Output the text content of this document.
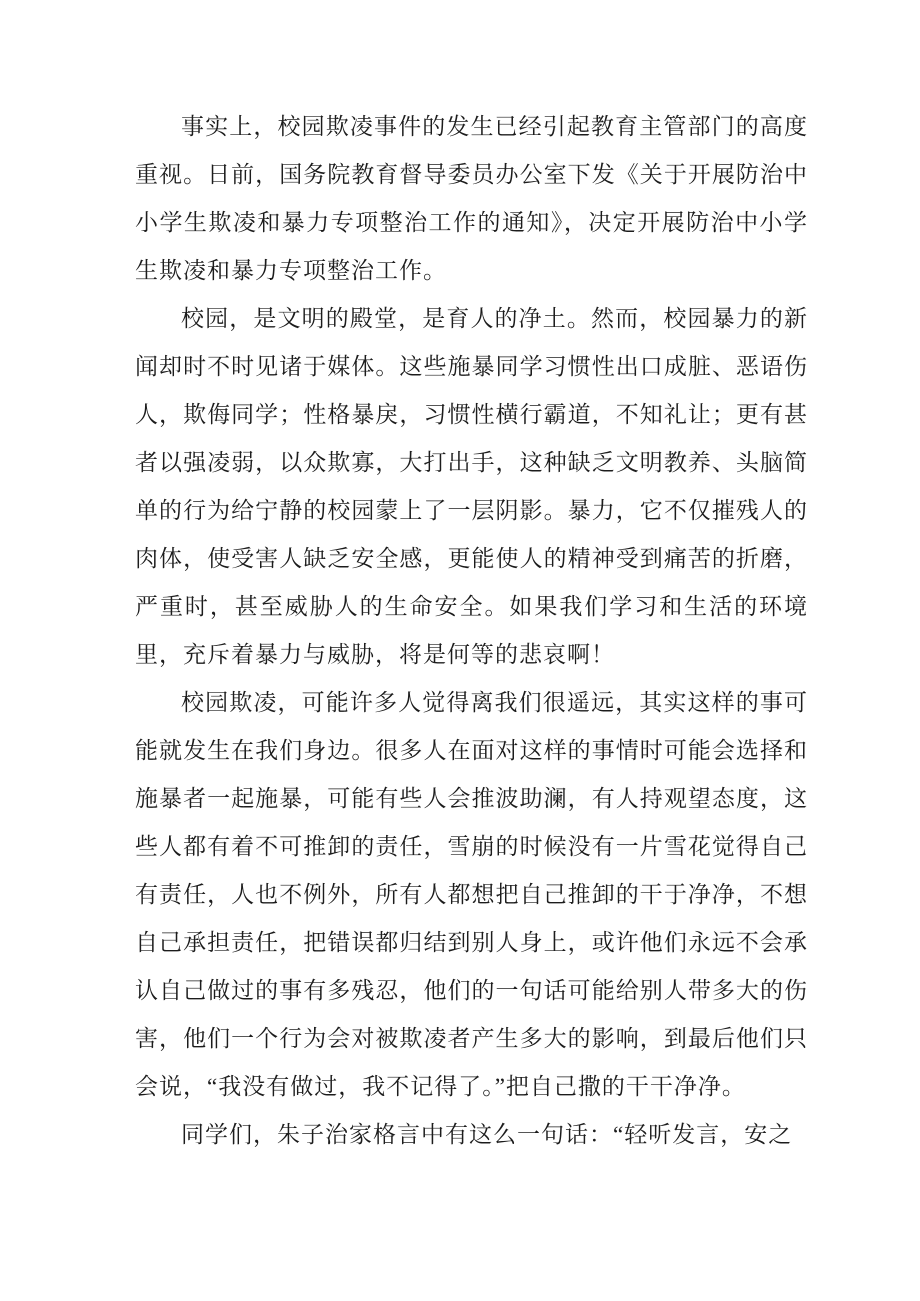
事实上，校园欺凌事件的发生已经引起教育主管部门的高度重视。日前，国务院教育督导委员办公室下发《关于开展防治中小学生欺凌和暴力专项整治工作的通知》，决定开展防治中小学生欺凌和暴力专项整治工作。

校园，是文明的殿堂，是育人的净土。然而，校园暴力的新闻却时不时见诸于媒体。这些施暴同学习惯性出口成脏、恶语伤人，欺侮同学；性格暴戾，习惯性横行霸道，不知礼让；更有甚者以强凌弱，以众欺寡，大打出手，这种缺乏文明教养、头脑简单的行为给宁静的校园蒙上了一层阴影。暴力，它不仅摧残人的肉体，使受害人缺乏安全感，更能使人的精神受到痛苦的折磨，严重时，甚至威胁人的生命安全。如果我们学习和生活的环境里，充斥着暴力与威胁，将是何等的悲哀啊！

校园欺凌，可能许多人觉得离我们很遥远，其实这样的事可能就发生在我们身边。很多人在面对这样的事情时可能会选择和施暴者一起施暴，可能有些人会推波助澜，有人持观望态度，这些人都有着不可推卸的责任，雪崩的时候没有一片雪花觉得自己有责任，人也不例外，所有人都想把自己推卸的干于净净，不想自己承担责任，把错误都归结到别人身上，或许他们永远不会承认自己做过的事有多残忍，他们的一句话可能给别人带多大的伤害，他们一个行为会对被欺凌者产生多大的影响，到最后他们只会说，“我没有做过，我不记得了。”把自己撒的干干净净。

同学们，朱子治家格言中有这么一句话：“轻听发言，安之
